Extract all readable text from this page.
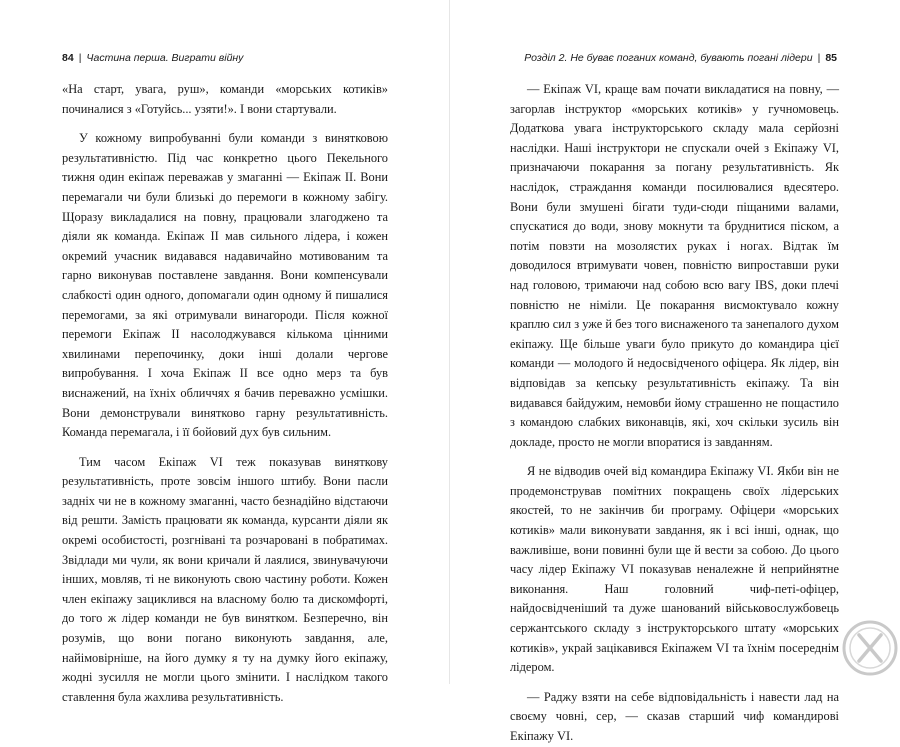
84 | Частина перша. Виграти війну

«На старт, увага, руш», команди «морських котиків» починалися з «Готуйсь... узяти!». І вони стартували.

У кожному випробуванні були команди з винятковою результативністю. Під час конкретно цього Пекельного тижня один екіпаж переважав у змаганні — Екіпаж II. Вони перемагали чи були близькі до перемоги в кожному забігу. Щоразу викладалися на повну, працювали злагоджено та діяли як команда. Екіпаж II мав сильного лідера, і кожен окремий учасник видавався надавичайно мотивованим та гарно виконував поставлене завдання. Вони компенсували слабкості один одного, допомагали один одному й пишалися перемогами, за які отримували винагороди. Після кожної перемоги Екіпаж II насолоджувався кількома цінними хвилинами перепочинку, доки інші долали чергове випробування. І хоча Екіпаж II все одно мерз та був виснажений, на їхніх обличчях я бачив переважно усмішки. Вони демонстрували винятково гарну результативність. Команда перемагала, і її бойовий дух був сильним.

Тим часом Екіпаж VI теж показував виняткову результативність, проте зовсім іншого штибу. Вони пасли задніх чи не в кожному змаганні, часто безнадійно відстаючи від решти. Замість працювати як команда, курсанти діяли як окремі особистості, розгнівані та розчаровані в побратимах. Звідлади ми чули, як вони кричали й лаялися, звинувачуючи інших, мовляв, ті не виконують свою частину роботи. Кожен член екіпажу зациклився на власному болю та дискомфорті, до того ж лідер команди не був винятком. Безперечно, він розумів, що вони погано виконують завдання, але, найімовірніше, на його думку я ту на думку його екіпажу, жодні зусилля не могли цього змінити. І наслідком такого ставлення була жахлива результативність.

Розділ 2. Не буває поганих команд, бувають погані лідери | 85

— Екіпаж VI, краще вам почати викладатися на повну, — загорлав інструктор «морських котиків» у гучномовець. Додаткова увага інструкторського складу мала серйозні наслідки. Наші інструктори не спускали очей з Екіпажу VI, призначаючи покарання за погану результативність. Як наслідок, страждання команди посилювалися вдесятеро. Вони були змушені бігати туди-сюди піщаними валами, спускатися до води, знову мокнути та бруднитися піском, а потім повзти на мозолястих руках і ногах. Відтак їм доводилося втримувати човен, повністю випроставши руки над головою, тримаючи над собою всю вагу IBS, доки плечі повністю не німіли. Це покарання висмоктувало кожну краплю сил з уже й без того виснаженого та занепалого духом екіпажу. Ще більше уваги було прикуто до командира цієї команди — молодого й недосвідченого офіцера. Як лідер, він відповідав за кепську результативність екіпажу. Та він видавався байдужим, немовби йому страшенно не пощастило з командою слабких виконавців, які, хоч скільки зусиль він докладе, просто не могли впоратися із завданням.

Я не відводив очей від командира Екіпажу VI. Якби він не продемонстрував помітних покращень своїх лідерських якостей, то не закінчив би програму. Офіцери «морських котиків» мали виконувати завдання, як і всі інші, однак, що важливіше, вони повинні були ще й вести за собою. До цього часу лідер Екіпажу VI показував неналежне й неприйнятне виконання. Наш головний чиф-петі-офіцер, найдосвідченіший та дуже шанований військовослужбовець сержантського складу з інструкторського штату «морських котиків», украй зацікавився Екіпажем VI та їхнім посереднім лідером.

— Раджу взяти на себе відповідальність і навести лад на своєму човні, сер, — сказав старший чиф командирові Екіпажу VI.
